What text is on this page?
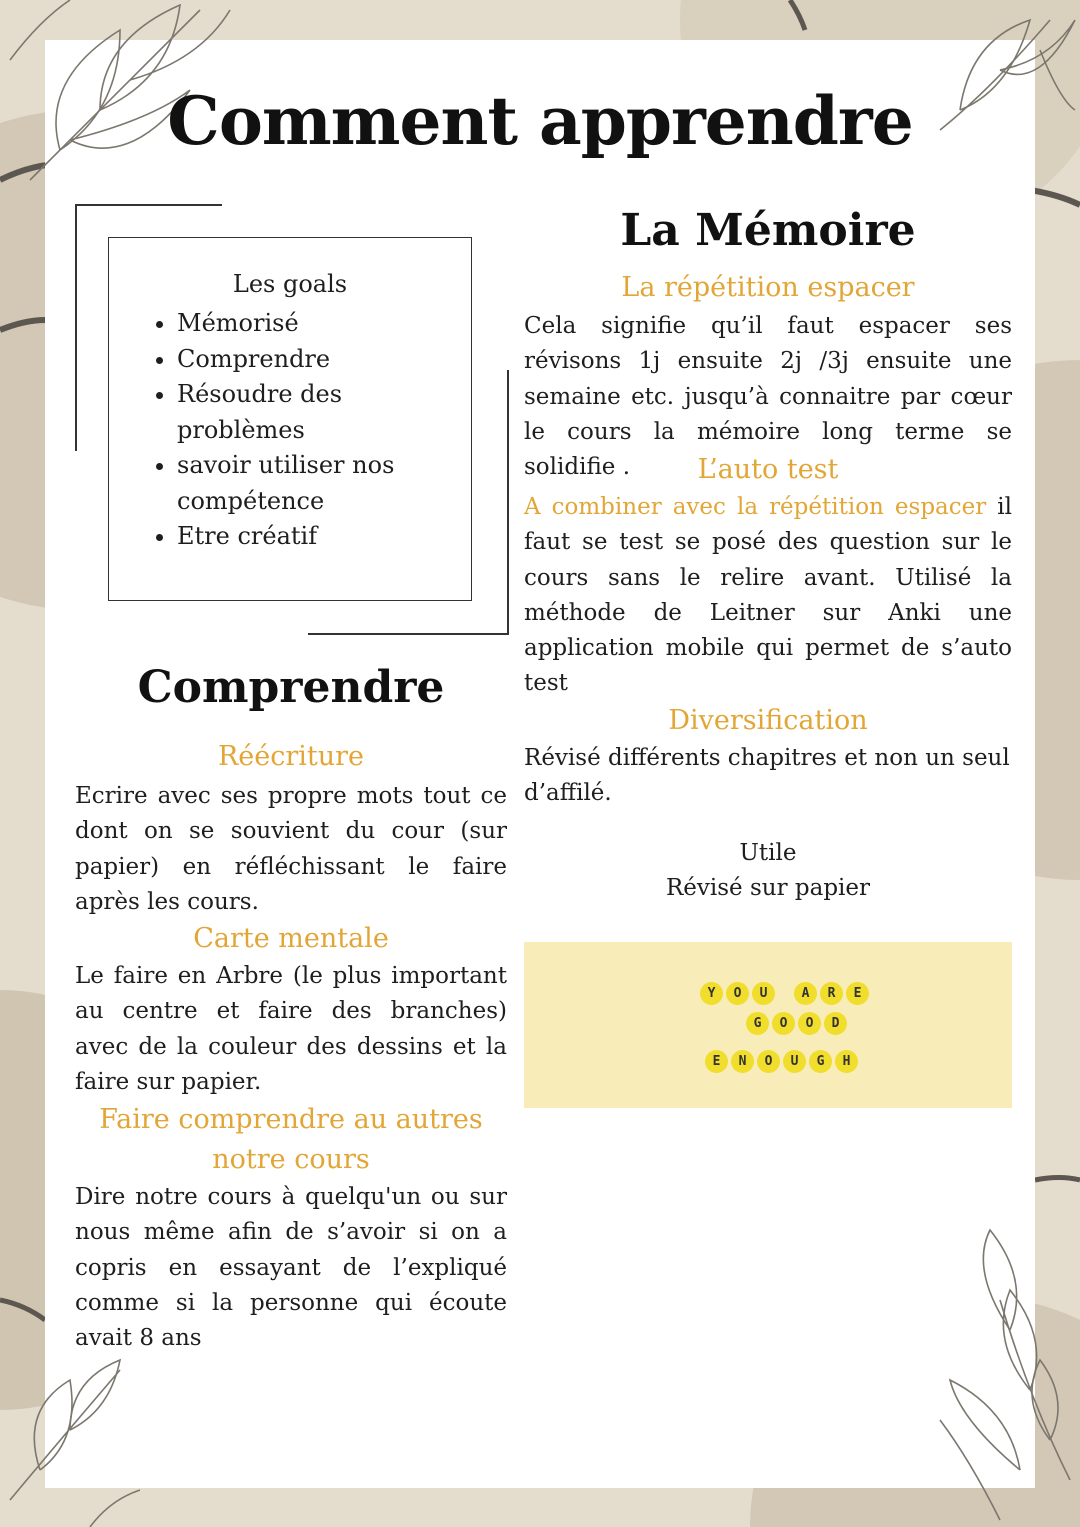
Comment apprendre
Les goals
• Mémorisé
• Comprendre
• Résoudre des problèmes
• savoir utiliser nos compétence
• Etre créatif
Comprendre
Réécriture
Ecrire avec ses propre mots tout ce dont on se souvient du cour (sur papier) en réfléchissant le faire après les cours.
Carte mentale
Le faire en Arbre (le plus important au centre et faire des branches) avec de la couleur des dessins et la faire sur papier.
Faire comprendre au autres notre cours
Dire notre cours à quelqu'un ou sur nous même afin de s’avoir si on a copris en essayant de l’expliqué comme si la personne qui écoute avait 8 ans
La Mémoire
La répétition espacer
Cela signifie qu’il faut espacer ses révisons 1j ensuite 2j /3j ensuite une semaine etc. jusqu’à connaitre par cœur le cours la mémoire long terme se solidifie .	L’auto test
A combiner avec la répétition espacer il faut se test se posé des question sur le cours sans le relire avant. Utilisé la méthode de Leitner sur Anki une application mobile qui permet de s’auto test
Diversification
Révisé différents chapitres et non un seul d’affilé.
Utile
Révisé sur papier
Y	O	U	A	R	E
G	O	O	D
E	N	O	U	G	H
